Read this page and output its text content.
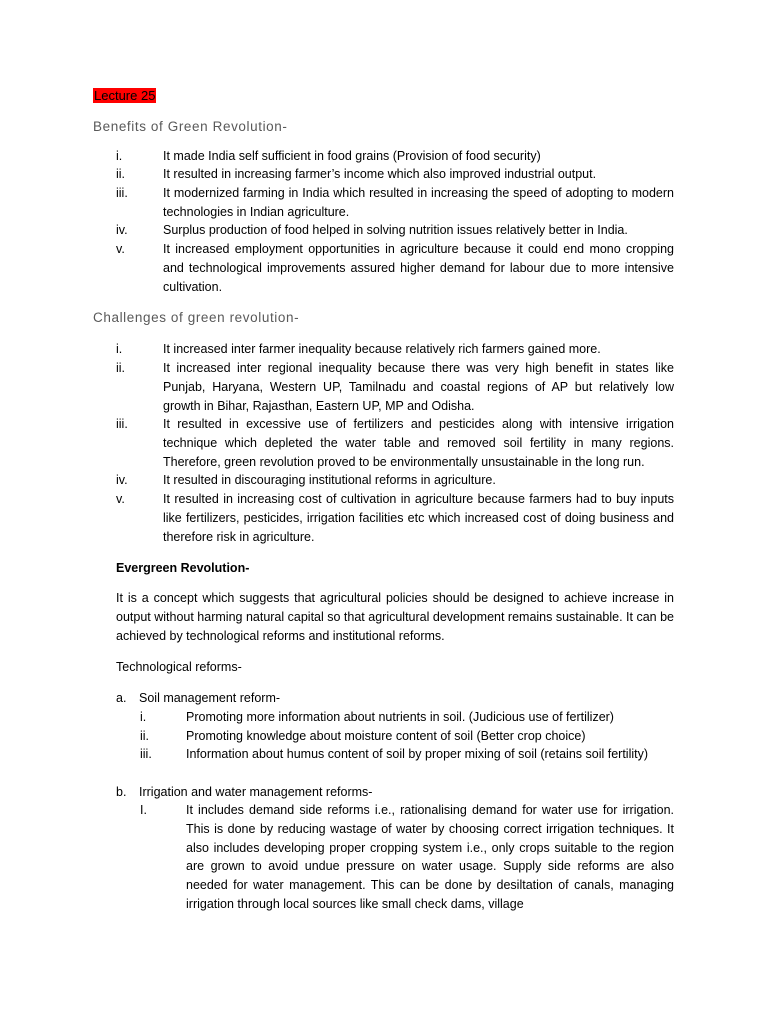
Lecture 25
Benefits of Green Revolution-
i.	It made India self sufficient in food grains (Provision of food security)
ii.	It resulted in increasing farmer’s income which also improved industrial output.
iii.	It modernized farming in India which resulted in increasing the speed of adopting to modern technologies in Indian agriculture.
iv.	Surplus production of food helped in solving nutrition issues relatively better in India.
v.	It increased employment opportunities in agriculture because it could end mono cropping and technological improvements assured higher demand for labour due to more intensive cultivation.
Challenges of green revolution-
i.	It increased inter farmer inequality because relatively rich farmers gained more.
ii.	It increased inter regional inequality because there was very high benefit in states like Punjab, Haryana, Western UP, Tamilnadu and coastal regions of AP but relatively low growth in Bihar, Rajasthan, Eastern UP, MP and Odisha.
iii.	It resulted in excessive use of fertilizers and pesticides along with intensive irrigation technique which depleted the water table and removed soil fertility in many regions. Therefore, green revolution proved to be environmentally unsustainable in the long run.
iv.	It resulted in discouraging institutional reforms in agriculture.
v.	It resulted in increasing cost of cultivation in agriculture because farmers had to buy inputs like fertilizers, pesticides, irrigation facilities etc which increased cost of doing business and therefore risk in agriculture.
Evergreen Revolution-
It is a concept which suggests that agricultural policies should be designed to achieve increase in output without harming natural capital so that agricultural development remains sustainable. It can be achieved by technological reforms and institutional reforms.
Technological reforms-
a. Soil management reform-
i.	Promoting more information about nutrients in soil. (Judicious use of fertilizer)
ii.	Promoting knowledge about moisture content of soil (Better crop choice)
iii.	Information about humus content of soil by proper mixing of soil (retains soil fertility)
b. Irrigation and water management reforms-
I.	It includes demand side reforms i.e., rationalising demand for water use for irrigation. This is done by reducing wastage of water by choosing correct irrigation techniques. It also includes developing proper cropping system i.e., only crops suitable to the region are grown to avoid undue pressure on water usage. Supply side reforms are also needed for water management. This can be done by desiltation of canals, managing irrigation through local sources like small check dams, village
